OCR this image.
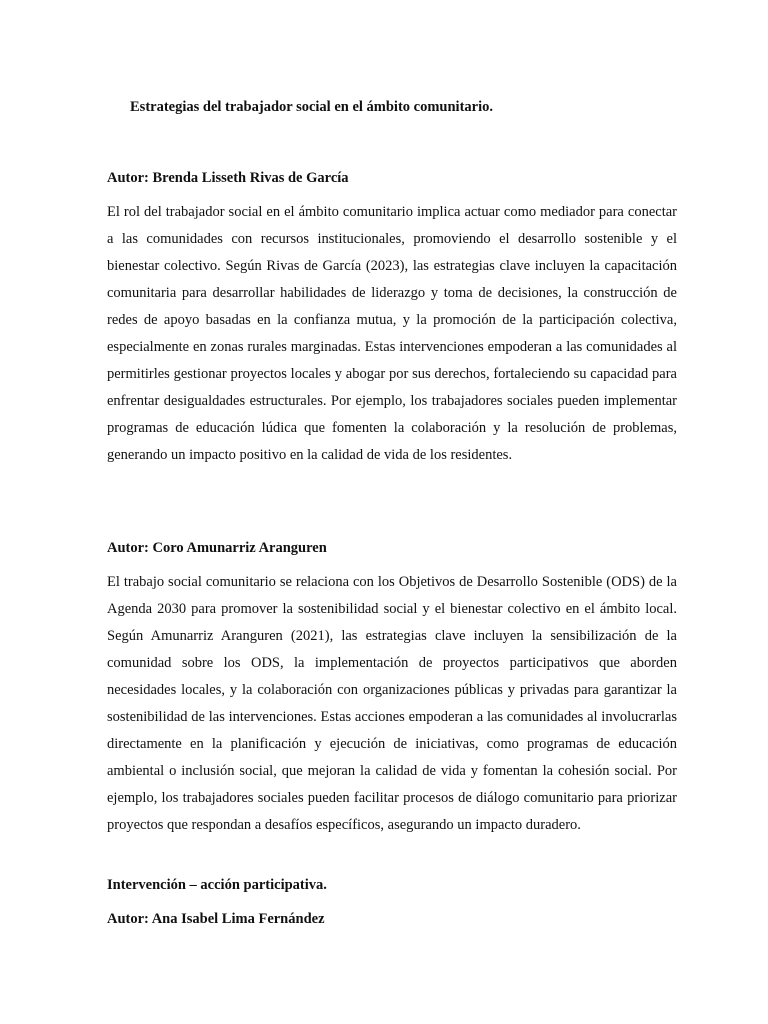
Estrategias del trabajador social en el ámbito comunitario.

Autor: Brenda Lisseth Rivas de García

El rol del trabajador social en el ámbito comunitario implica actuar como mediador para conectar a las comunidades con recursos institucionales, promoviendo el desarrollo sostenible y el bienestar colectivo. Según Rivas de García (2023), las estrategias clave incluyen la capacitación comunitaria para desarrollar habilidades de liderazgo y toma de decisiones, la construcción de redes de apoyo basadas en la confianza mutua, y la promoción de la participación colectiva, especialmente en zonas rurales marginadas. Estas intervenciones empoderan a las comunidades al permitirles gestionar proyectos locales y abogar por sus derechos, fortaleciendo su capacidad para enfrentar desigualdades estructurales. Por ejemplo, los trabajadores sociales pueden implementar programas de educación lúdica que fomenten la colaboración y la resolución de problemas, generando un impacto positivo en la calidad de vida de los residentes.

Autor: Coro Amunarriz Aranguren

El trabajo social comunitario se relaciona con los Objetivos de Desarrollo Sostenible (ODS) de la Agenda 2030 para promover la sostenibilidad social y el bienestar colectivo en el ámbito local. Según Amunarriz Aranguren (2021), las estrategias clave incluyen la sensibilización de la comunidad sobre los ODS, la implementación de proyectos participativos que aborden necesidades locales, y la colaboración con organizaciones públicas y privadas para garantizar la sostenibilidad de las intervenciones. Estas acciones empoderan a las comunidades al involucrarlas directamente en la planificación y ejecución de iniciativas, como programas de educación ambiental o inclusión social, que mejoran la calidad de vida y fomentan la cohesión social. Por ejemplo, los trabajadores sociales pueden facilitar procesos de diálogo comunitario para priorizar proyectos que respondan a desafíos específicos, asegurando un impacto duradero.

Intervención – acción participativa.

Autor: Ana Isabel Lima Fernández
